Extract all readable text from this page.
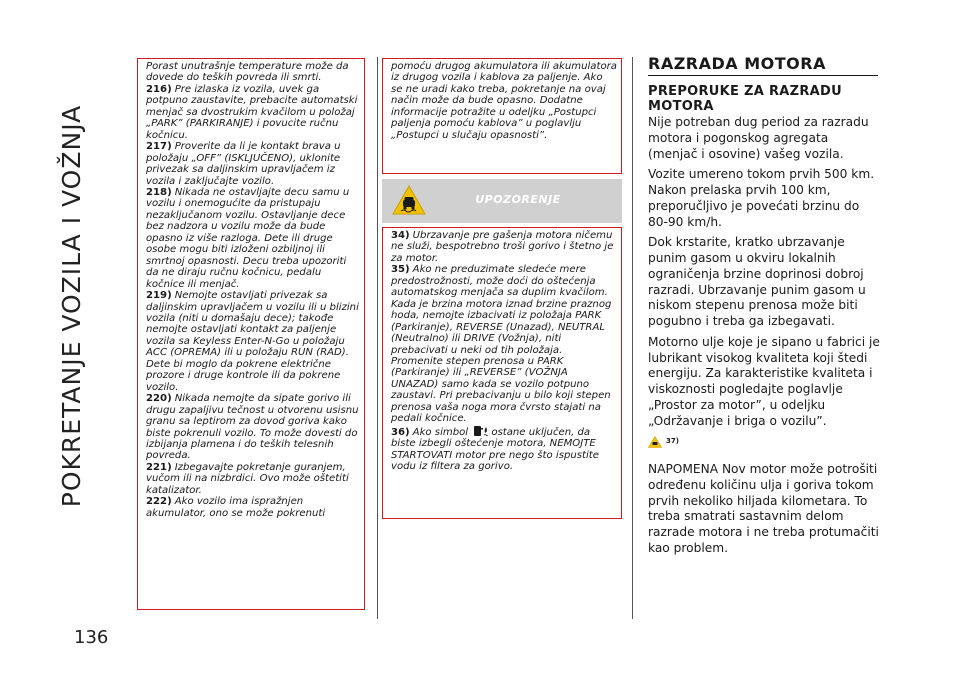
POKRETANJE VOZILA I VOŽNJA
136

Porast unutrašnje temperature može da dovede do teških povreda ili smrti.

216) Pre izlaska iz vozila, uvek ga potpuno zaustavite, prebacite automatski menjač sa dvostrukim kvačilom u položaj „PARK” (PARKIRANJE) i povucite ručnu kočnicu.

217) Proverite da li je kontakt brava u položaju „OFF” (ISKLJUČENO), uklonite privezak sa daljinskim upravljačem iz vozila i zaključajte vozilo.

218) Nikada ne ostavljajte decu samu u vozilu i onemogućite da pristupaju nezaključanom vozilu. Ostavljanje dece bez nadzora u vozilu može da bude opasno iz više razloga. Dete ili druge osobe mogu biti izloženi ozbiljnoj ili smrtnoj opasnosti. Decu treba upozoriti da ne diraju ručnu kočnicu, pedalu kočnice ili menjač.

219) Nemojte ostavljati privezak sa daljinskim upravljačem u vozilu ili u blizini vozila (niti u domašaju dece); takođe nemojte ostavljati kontakt za paljenje vozila sa Keyless Enter-N-Go u položaju ACC (OPREMA) ili u položaju RUN (RAD). Dete bi moglo da pokrene električne prozore i druge kontrole ili da pokrene vozilo.

220) Nikada nemojte da sipate gorivo ili drugu zapaljivu tečnost u otvorenu usisnu granu sa leptirom za dovod goriva kako biste pokrenuli vozilo. To može dovesti do izbijanja plamena i do teških telesnih povreda.

221) Izbegavajte pokretanje guranjem, vučom ili na nizbrdici. Ovo može oštetiti katalizator.

222) Ako vozilo ima ispražnjen akumulator, ono se može pokrenuti

pomoću drugog akumulatora ili akumulatora iz drugog vozila i kablova za paljenje. Ako se ne uradi kako treba, pokretanje na ovaj način može da bude opasno. Dodatne informacije potražite u odeljku „Postupci paljenja pomoću kablova” u poglavlju „Postupci u slučaju opasnosti”.

UPOZORENJE

34) Ubrzavanje pre gašenja motora ničemu ne služi, bespotrebno troši gorivo i štetno je za motor.

35) Ako ne preduzimate sledeće mere predostrožnosti, može doći do oštećenja automatskog menjača sa duplim kvačilom. Kada je brzina motora iznad brzine praznog hoda, nemojte izbacivati iz položaja PARK (Parkiranje), REVERSE (Unazad), NEUTRAL (Neutralno) ili DRIVE (Vožnja), niti prebacivati u neki od tih položaja. Promenite stepen prenosa u PARK (Parkiranje) ili „REVERSE” (VOŽNJA UNAZAD) samo kada se vozilo potpuno zaustavi. Pri prebacivanju u bilo koji stepen prenosa vaša noga mora čvrsto stajati na pedali kočnice.

36) Ako simbol ostane uključen, da biste izbegli oštećenje motora, NEMOJTE STARTOVATI motor pre nego što ispustite vodu iz filtera za gorivo.

RAZRADA MOTORA
PREPORUKE ZA RAZRADU MOTORA

Nije potreban dug period za razradu motora i pogonskog agregata (menjač i osovine) vašeg vozila.

Vozite umereno tokom prvih 500 km. Nakon prelaska prvih 100 km, preporučljivo je povećati brzinu do 80-90 km/h.

Dok krstarite, kratko ubrzavanje punim gasom u okviru lokalnih ograničenja brzine doprinosi dobroj razradi. Ubrzavanje punim gasom u niskom stepenu prenosa može biti pogubno i treba ga izbegavati.

Motorno ulje koje je sipano u fabrici je lubrikant visokog kvaliteta koji štedi energiju. Za karakteristike kvaliteta i viskoznosti pogledajte poglavlje „Prostor za motor”, u odeljku „Održavanje i briga o vozilu”.

37)

NAPOMENA Nov motor može potrošiti određenu količinu ulja i goriva tokom prvih nekoliko hiljada kilometara. To treba smatrati sastavnim delom razrade motora i ne treba protumačiti kao problem.
